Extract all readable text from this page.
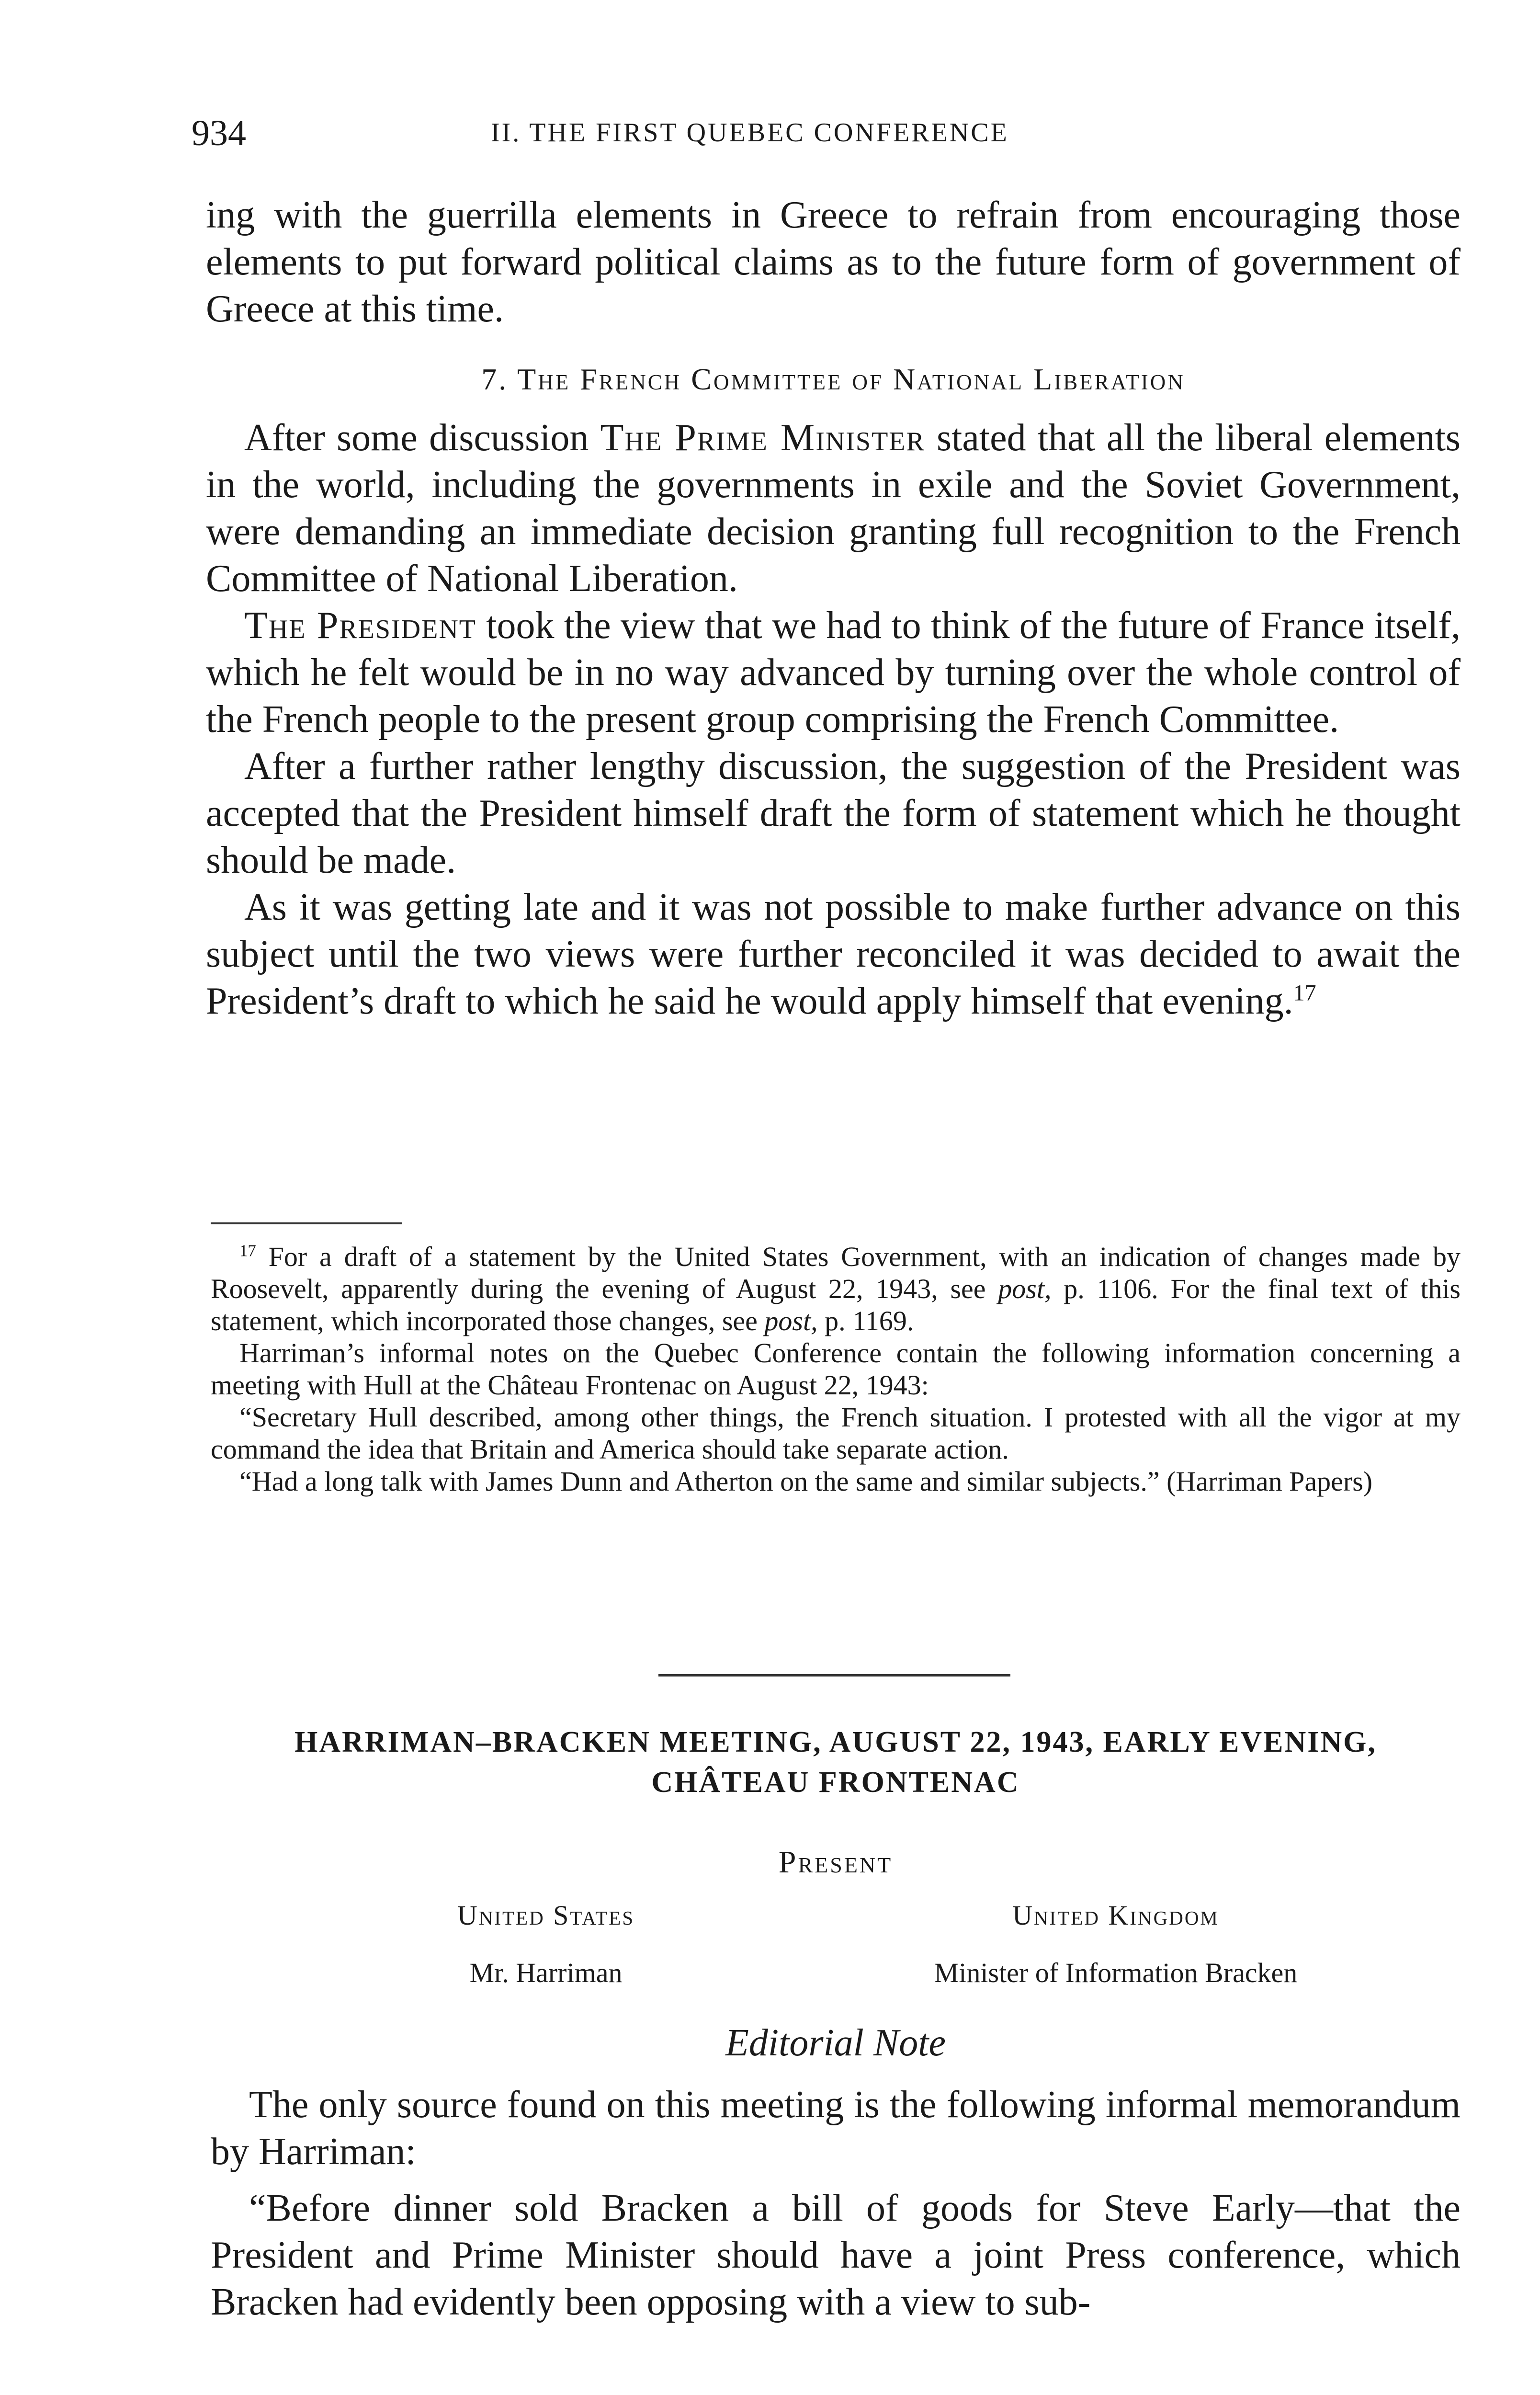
934	II. THE FIRST QUEBEC CONFERENCE

ing with the guerrilla elements in Greece to refrain from encouraging those elements to put forward political claims as to the future form of government of Greece at this time.

7. The French Committee of National Liberation

After some discussion The Prime Minister stated that all the liberal elements in the world, including the governments in exile and the Soviet Government, were demanding an immediate decision granting full recognition to the French Committee of National Liberation.

The President took the view that we had to think of the future of France itself, which he felt would be in no way advanced by turning over the whole control of the French people to the present group comprising the French Committee.

After a further rather lengthy discussion, the suggestion of the President was accepted that the President himself draft the form of statement which he thought should be made.

As it was getting late and it was not possible to make further advance on this subject until the two views were further reconciled it was decided to await the President’s draft to which he said he would apply himself that evening.$^{17}$

$^{17}$ For a draft of a statement by the United States Government, with an indication of changes made by Roosevelt, apparently during the evening of August 22, 1943, see post, p. 1106. For the final text of this statement, which incorporated those changes, see post, p. 1169.

Harriman’s informal notes on the Quebec Conference contain the following information concerning a meeting with Hull at the Château Frontenac on August 22, 1943:

“Secretary Hull described, among other things, the French situation. I protested with all the vigor at my command the idea that Britain and America should take separate action.

“Had a long talk with James Dunn and Atherton on the same and similar subjects.” (Harriman Papers)

HARRIMAN–BRACKEN MEETING, AUGUST 22, 1943, EARLY EVENING,
CHÂTEAU FRONTENAC
Present
United States	United Kingdom
Mr. Harriman	Minister of Information Bracken
Editorial Note

The only source found on this meeting is the following informal memorandum by Harriman:

“Before dinner sold Bracken a bill of goods for Steve Early—that the President and Prime Minister should have a joint Press conference, which Bracken had evidently been opposing with a view to sub-
